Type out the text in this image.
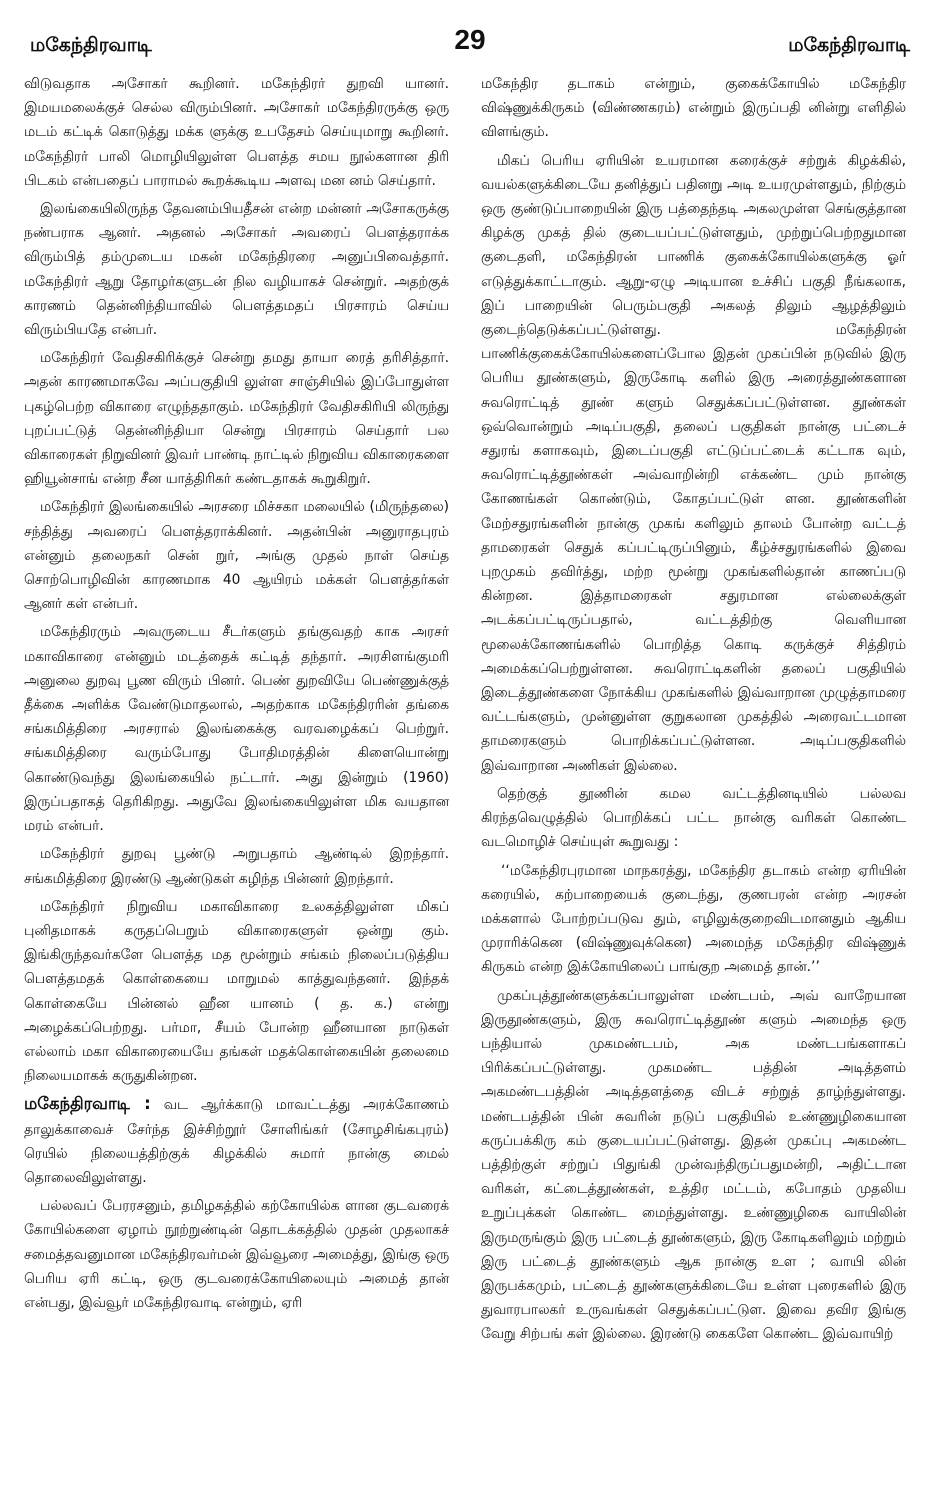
மகேந்திரவாடி	29	மகேந்திரவாடி

விடுவதாக அசோகர் கூறினர். மகேந்திரர் துறவி யானர். இமயமலைக்குச் செல்ல விரும்பினர். அசோகர் மகேந்திரருக்கு ஒரு மடம் கட்டிக் கொடுத்து மக்க ளுக்கு உபதேசம் செய்யுமாறு கூறினர். மகேந்திரர் பாலி மொழியிலுள்ள பௌத்த சமய நூல்களான திரி பிடகம் என்பதைப் பாராமல் கூறக்கூடிய அளவு மன னம் செய்தார்.

இலங்கையிலிருந்த தேவனம்பியதீசன் என்ற மன்னர் அசோகருக்கு நண்பராக ஆனர். அதனல் அசோகர் அவரைப் பௌத்தராக்க விரும்பித் தம்முடைய மகன் மகேந்திரரை அனுப்பிவைத்தார். மகேந்திரர் ஆறு தோழர்களுடன் நில வழியாகச் சென்றுர். அதற்குக் காரணம் தென்னிந்தியாவில் பௌத்தமதப் பிரசாரம் செய்ய விரும்பியதே என்பர்.

மகேந்திரர் வேதிசகிரிக்குச் சென்று தமது தாயா ரைத் தரிசித்தார். அதன் காரணமாகவே அப்பகுதியி லுள்ள சாஞ்சியில் இப்போதுள்ள புகழ்பெற்ற விகாரை எழுந்ததாகும். மகேந்திரர் வேதிசகிரியி லிருந்து புறப்பட்டுத் தென்னிந்தியா சென்று பிரசாரம் செய்தார் பல விகாரைகள் நிறுவினர் இவர் பாண்டி நாட்டில் நிறுவிய விகாரைகளை ஹியூன்சாங் என்ற சீன யாத்திரிகர் கண்டதாகக் கூறுகிறுர்.

மகேந்திரர் இலங்கையில் அரசரை மிச்சகா மலையில் (மிருந்தலை) சந்தித்து அவரைப் பௌத்தராக்கினர். அதன்பின் அனுராதபுரம் என்னும் தலைநகர் சென் றுர், அங்கு முதல் நாள் செய்த சொற்பொழிவின் காரணமாக 40 ஆயிரம் மக்கள் பௌத்தர்கள் ஆனர் கள் என்பர்.

மகேந்திரரும் அவருடைய சீடர்களும் தங்குவதற் காக அரசர் மகாவிகாரை என்னும் மடத்தைக் கட்டித் தந்தார். அரசிளங்குமரி அனுலை துறவு பூண விரும் பினர். பெண் துறவியே பெண்ணுக்குத் தீக்கை அளிக்க வேண்டுமாதலால், அதற்காக மகேந்திரரின் தங்கை சங்கமித்திரை அரசரால் இலங்கைக்கு வரவழைக்கப் பெற்றுர். சங்கமித்திரை வரும்போது போதிமரத்தின் கிளையொன்று கொண்டுவந்து இலங்கையில் நட்டார். அது இன்றும் (1960) இருப்பதாகத் தெரிகிறது. அதுவே இலங்கையிலுள்ள மிக வயதான மரம் என்பர்.

மகேந்திரர் துறவு பூண்டு அறுபதாம் ஆண்டில் இறந்தார். சங்கமித்திரை இரண்டு ஆண்டுகள் கழிந்த பின்னர் இறந்தார்.

மகேந்திரர் நிறுவிய மகாவிகாரை உலகத்திலுள்ள மிகப் புனிதமாகக் கருதப்பெறும் விகாரைகளுள் ஒன்று கும். இங்கிருந்தவர்களே பௌத்த மத மூன்றும் சங்கம் நிலைப்படுத்திய பௌத்தமதக் கொள்கையை மாறுமல் காத்துவந்தனர். இந்தக் கொள்கையே பின்னல் ஹீன யானம் ( த. க.) என்று அழைக்கப்பெற்றது. பர்மா, சீயம் போன்ற ஹீனயான நாடுகள் எல்லாம் மகா விகாரையையே தங்கள் மதக்கொள்கையின் தலைமை நிலையமாகக் கருதுகின்றன.

மகேந்திரவாடி : வட ஆர்க்காடு மாவட்டத்து அரக்கோணம் தாலுக்காவைச் சேர்ந்த இச்சிற்றூர் சோளிங்கர் (சோழசிங்கபுரம்) ரெயில் நிலையத்திற்குக் கிழக்கில் சுமார் நான்கு மைல் தொலைவிலுள்ளது.

பல்லவப் பேரரசனும், தமிழகத்தில் கற்கோயில்க ளான குடவரைக் கோயில்களை ஏழாம் நூற்றுண்டின் தொடக்கத்தில் முதன் முதலாகச் சமைத்தவனுமான மகேந்திரவர்மன் இவ்வூரை அமைத்து, இங்கு ஒரு பெரிய ஏரி கட்டி, ஒரு குடவரைக்கோயிலையும் அமைத் தான் என்பது, இவ்வூர் மகேந்திரவாடி என்றும், ஏரி

மகேந்திர தடாகம் என்றும், குகைக்கோயில் மகேந்திர விஷ்ணுக்கிருகம் (விண்ணகரம்) என்றும் இருப்பதி னின்று எளிதில் விளங்கும்.

மிகப் பெரிய ஏரியின் உயரமான கரைக்குச் சற்றுக் கிழக்கில், வயல்களுக்கிடையே தனித்துப் பதினறு அடி உயரமுள்ளதும், நிற்கும் ஒரு குண்டுப்பாறையின் இரு பத்தைந்தடி அகலமுள்ள செங்குத்தான கிழக்கு முகத் தில் குடையப்பட்டுள்ளதும், முற்றுப்பெற்றதுமான குடைதளி, மகேந்திரன் பாணிக் குகைக்கோயில்களுக்கு ஓர் எடுத்துக்காட்டாகும். ஆறு-ஏழு அடியான உச்சிப் பகுதி நீங்கலாக, இப் பாறையின் பெரும்பகுதி அகலத் திலும் ஆழத்திலும் குடைந்தெடுக்கப்பட்டுள்ளது. மகேந்திரன் பாணிக்குகைக்கோயில்களைப்போல இதன் முகப்பின் நடுவில் இரு பெரிய தூண்களும், இருகோடி களில் இரு அரைத்தூண்களான சுவரொட்டித் தூண் களும் செதுக்கப்பட்டுள்ளன. தூண்கள் ஒவ்வொன்றும் அடிப்பகுதி, தலைப் பகுதிகள் நான்கு பட்டைச் சதுரங் களாகவும், இடைப்பகுதி எட்டுப்பட்டைக் கட்டாக வும், சுவரொட்டித்தூண்கள் அவ்வாறின்றி எக்கண்ட மும் நான்கு கோணங்கள் கொண்டும், கோதப்பட்டுள் ளன. தூண்களின் மேற்சதுரங்களின் நான்கு முகங் களிலும் தாலம் போன்ற வட்டத் தாமரைகள் செதுக் கப்பட்டிருப்பினும், கீழ்ச்சதுரங்களில் இவை புறமுகம் தவிர்த்து, மற்ற மூன்று முகங்களில்தான் காணப்படு கின்றன. இத்தாமரைகள் சதுரமான எல்லைக்குள் அடக்கப்பட்டிருப்பதால், வட்டத்திற்கு வெளியான மூலைக்கோணங்களில் பொறித்த கொடி கருக்குச் சித்திரம் அமைக்கப்பெற்றுள்ளன. சுவரொட்டிகளின் தலைப் பகுதியில் இடைத்தூண்களை நோக்கிய முகங்களில் இவ்வாறான முழுத்தாமரை வட்டங்களும், முன்னுள்ள குறுகலான முகத்தில் அரைவட்டமான தாமரைகளும் பொறிக்கப்பட்டுள்ளன. அடிப்பகுதிகளில் இவ்வாறான அணிகள் இல்லை.

தெற்குத் தூணின் கமல வட்டத்தினடியில் பல்லவ கிரந்தவெழுத்தில் பொறிக்கப் பட்ட நான்கு வரிகள் கொண்ட வடமொழிச் செய்யுள் கூறுவது :

‘‘மகேந்திரபுரமான மாநகரத்து, மகேந்திர தடாகம் என்ற ஏரியின் கரையில், கற்பாறையைக் குடைந்து, குணபரன் என்ற அரசன் மக்களால் போற்றப்படுவ தும், எழிலுக்குறைவிடமானதும் ஆகிய முராரிக்கென (விஷ்ணுவுக்கென) அமைந்த மகேந்திர விஷ்ணுக் கிருகம் என்ற இக்கோயிலைப் பாங்குற அமைத் தான்.’’

முகப்புத்தூண்களுக்கப்பாலுள்ள மண்டபம், அவ் வாறேயான இருதூண்களும், இரு சுவரொட்டித்தூண் களும் அமைந்த ஒரு பந்தியால் முகமண்டபம், அக மண்டபங்களாகப் பிரிக்கப்பட்டுள்ளது. முகமண்ட பத்தின் அடித்தளம் அகமண்டபத்தின் அடித்தளத்தை விடச் சற்றுத் தாழ்ந்துள்ளது. மண்டபத்தின் பின் சுவரின் நடுப் பகுதியில் உண்ணுழிகையான கருப்பக்கிரு கம் குடையப்பட்டுள்ளது. இதன் முகப்பு அகமண்ட பத்திற்குள் சற்றுப் பிதுங்கி முன்வந்திருப்பதுமன்றி, அதிட்டான வரிகள், கட்டைத்தூண்கள், உத்திர மட்டம், கபோதம் முதலிய உறுப்புக்கள் கொண்ட மைந்துள்ளது. உண்ணுழிகை வாயிலின் இருமருங்கும் இரு பட்டைத் தூண்களும், இரு கோடிகளிலும் மற்றும் இரு பட்டைத் தூண்களும் ஆக நான்கு உள ; வாயி லின் இருபக்கமும், பட்டைத் தூண்களுக்கிடையே உள்ள புரைகளில் இரு துவாரபாலகர் உருவங்கள் செதுக்கப்பட்டுள. இவை தவிர இங்கு வேறு சிற்பங் கள் இல்லை. இரண்டு கைகளே கொண்ட இவ்வாயிற்
